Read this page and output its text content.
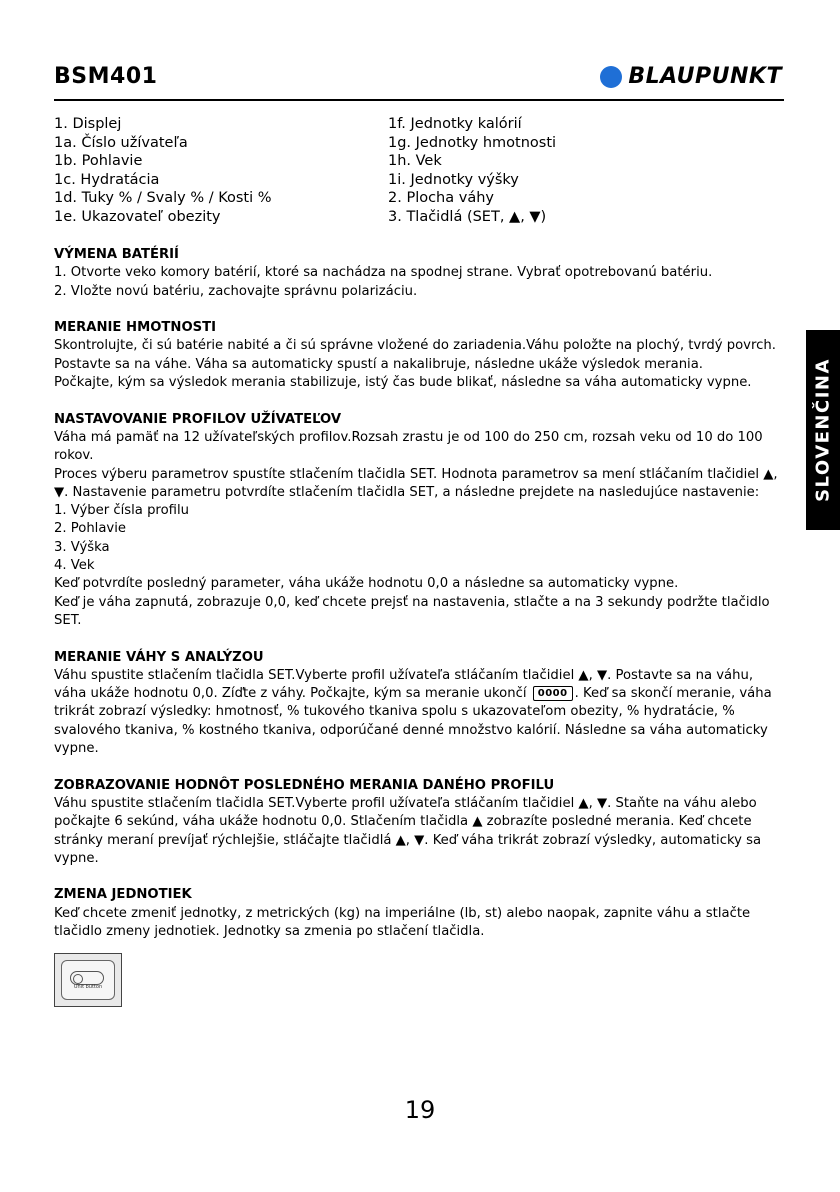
BSM401	BLAUPUNKT
1. Displej
1a. Číslo užívateľa
1b. Pohlavie
1c. Hydratácia
1d. Tuky % / Svaly % / Kosti %
1e. Ukazovateľ obezity
1f. Jednotky kalórií
1g. Jednotky hmotnosti
1h. Vek
1i. Jednotky výšky
2. Plocha váhy
3. Tlačidlá (SET, ▲, ▼)
VÝMENA BATÉRIÍ

1. Otvorte veko komory batérií, ktoré sa nachádza na spodnej strane. Vybrať opotrebovanú batériu.

2. Vložte novú batériu, zachovajte správnu polarizáciu.

MERANIE HMOTNOSTI

Skontrolujte, či sú batérie nabité a či sú správne vložené do zariadenia.Váhu položte na plochý, tvrdý povrch.

Postavte sa na váhe. Váha sa automaticky spustí a nakalibruje, následne ukáže výsledok merania.

Počkajte, kým sa výsledok merania stabilizuje, istý čas bude blikať, následne sa váha automaticky vypne.

NASTAVOVANIE PROFILOV UŽÍVATEĽOV

Váha má pamäť na 12 užívateľských profilov.Rozsah zrastu je od 100 do 250 cm, rozsah veku od 10 do 100 rokov.

Proces výberu parametrov spustíte stlačením tlačidla SET. Hodnota parametrov sa mení stláčaním tlačidiel ▲, ▼. Nastavenie parametru potvrdíte stlačením tlačidla SET, a následne prejdete na nasledujúce nastavenie:

1. Výber čísla profilu
2. Pohlavie
3. Výška
4. Vek

Keď potvrdíte posledný parameter, váha ukáže hodnotu 0,0 a následne sa automaticky vypne.

Keď je váha zapnutá, zobrazuje 0,0, keď chcete prejsť na nastavenia, stlačte a na 3 sekundy podržte tlačidlo SET.

MERANIE VÁHY S ANALÝZOU

Váhu spustite stlačením tlačidla SET.Vyberte profil užívateľa stláčaním tlačidiel ▲, ▼. Postavte sa na váhu, váha ukáže hodnotu 0,0. Zíďte z váhy. Počkajte, kým sa meranie ukončí 0000 . Keď sa skončí meranie, váha trikrát zobrazí výsledky: hmotnosť, % tukového tkaniva spolu s ukazovateľom obezity, % hydratácie, % svalového tkaniva, % kostného tkaniva, odporúčané denné množstvo kalórií. Následne sa váha automaticky vypne.

ZOBRAZOVANIE HODNÔT POSLEDNÉHO MERANIA DANÉHO PROFILU

Váhu spustite stlačením tlačidla SET.Vyberte profil užívateľa stláčaním tlačidiel ▲, ▼. Staňte na váhu alebo počkajte 6 sekúnd, váha ukáže hodnotu 0,0. Stlačením tlačidla ▲ zobrazíte posledné merania. Keď chcete stránky meraní prevíjať rýchlejšie, stláčajte tlačidlá ▲, ▼. Keď váha trikrát zobrazí výsledky, automaticky sa vypne.

ZMENA JEDNOTIEK

Keď chcete zmeniť jednotky, z metrických (kg) na imperiálne (lb, st) alebo naopak, zapnite váhu a stlačte tlačidlo zmeny jednotiek. Jednotky sa zmenia po stlačení tlačidla.

Unit button
SLOVENČINA
19
